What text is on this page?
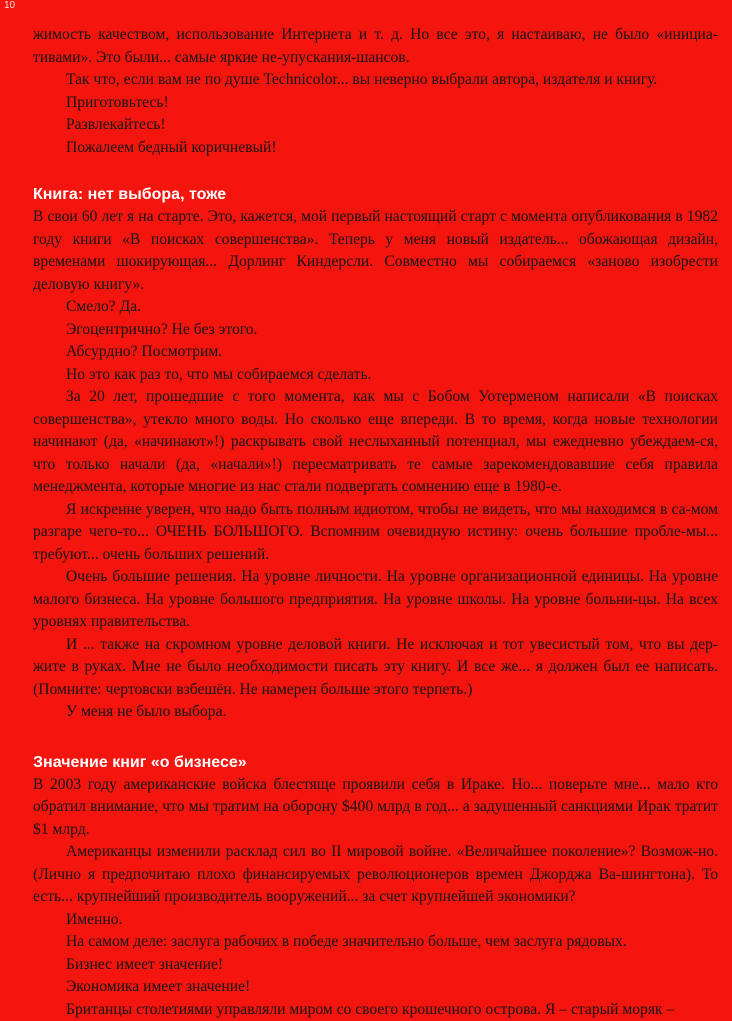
10

жимость качеством, использование Интернета и т. д. Но все это, я настаиваю, не было «инициа-тивами». Это были... самые яркие не-упускания-шансов.

Так что, если вам не по душе Technicolor... вы неверно выбрали автора, издателя и книгу.

Приготовьтесь!

Развлекайтесь!

Пожалеем бедный коричневый!

Книга: нет выбора, тоже

В свои 60 лет я на старте. Это, кажется, мой первый настоящий старт с момента опубликования в 1982 году книги «В поисках совершенства». Теперь у меня новый издатель... обожающая дизайн, временами шокирующая... Дорлинг Киндерсли. Совместно мы собираемся «заново изобрести деловую книгу».

Смело? Да.

Эгоцентрично? Не без этого.

Абсурдно? Посмотрим.

Но это как раз то, что мы собираемся сделать.

За 20 лет, прошедшие с того момента, как мы с Бобом Уотерменом написали «В поисках совершенства», утекло много воды. Но сколько еще впереди. В то время, когда новые технологии начинают (да, «начинают»!) раскрывать свой неслыханный потенциал, мы ежедневно убеждаем-ся, что только начали (да, «начали»!) пересматривать те самые зарекомендовавшие себя правила менеджмента, которые многие из нас стали подвергать сомнению еще в 1980-е.

Я искренне уверен, что надо быть полным идиотом, чтобы не видеть, что мы находимся в са-мом разгаре чего-то... ОЧЕНЬ БОЛЬШОГО. Вспомним очевидную истину: очень большие пробле-мы... требуют... очень больших решений.

Очень большие решения. На уровне личности. На уровне организационной единицы. На уровне малого бизнеса. На уровне большого предприятия. На уровне школы. На уровне больни-цы. На всех уровнях правительства.

И ... также на скромном уровне деловой книги. Не исключая и тот увесистый том, что вы дер-жите в руках. Мне не было необходимости писать эту книгу. И все же... я должен был ее написать. (Помните: чертовски взбешён. Не намерен больше этого терпеть.)

У меня не было выбора.

Значение книг «о бизнесе»

В 2003 году американские войска блестяще проявили себя в Ираке. Но... поверьте мне... мало кто обратил внимание, что мы тратим на оборону $400 млрд в год... а задушенный санкциями Ирак тратит $1 млрд.

Американцы изменили расклад сил во II мировой войне. «Величайшее поколение»? Возмож-но. (Лично я предпочитаю плохо финансируемых революционеров времен Джорджа Ва-шингтона). То есть... крупнейший производитель вооружений... за счет крупнейшей экономики?

Именно.

На самом деле: заслуга рабочих в победе значительно больше, чем заслуга рядовых.

Бизнес имеет значение!

Экономика имеет значение!

Британцы столетиями управляли миром со своего крошечного острова. Я – старый моряк –
